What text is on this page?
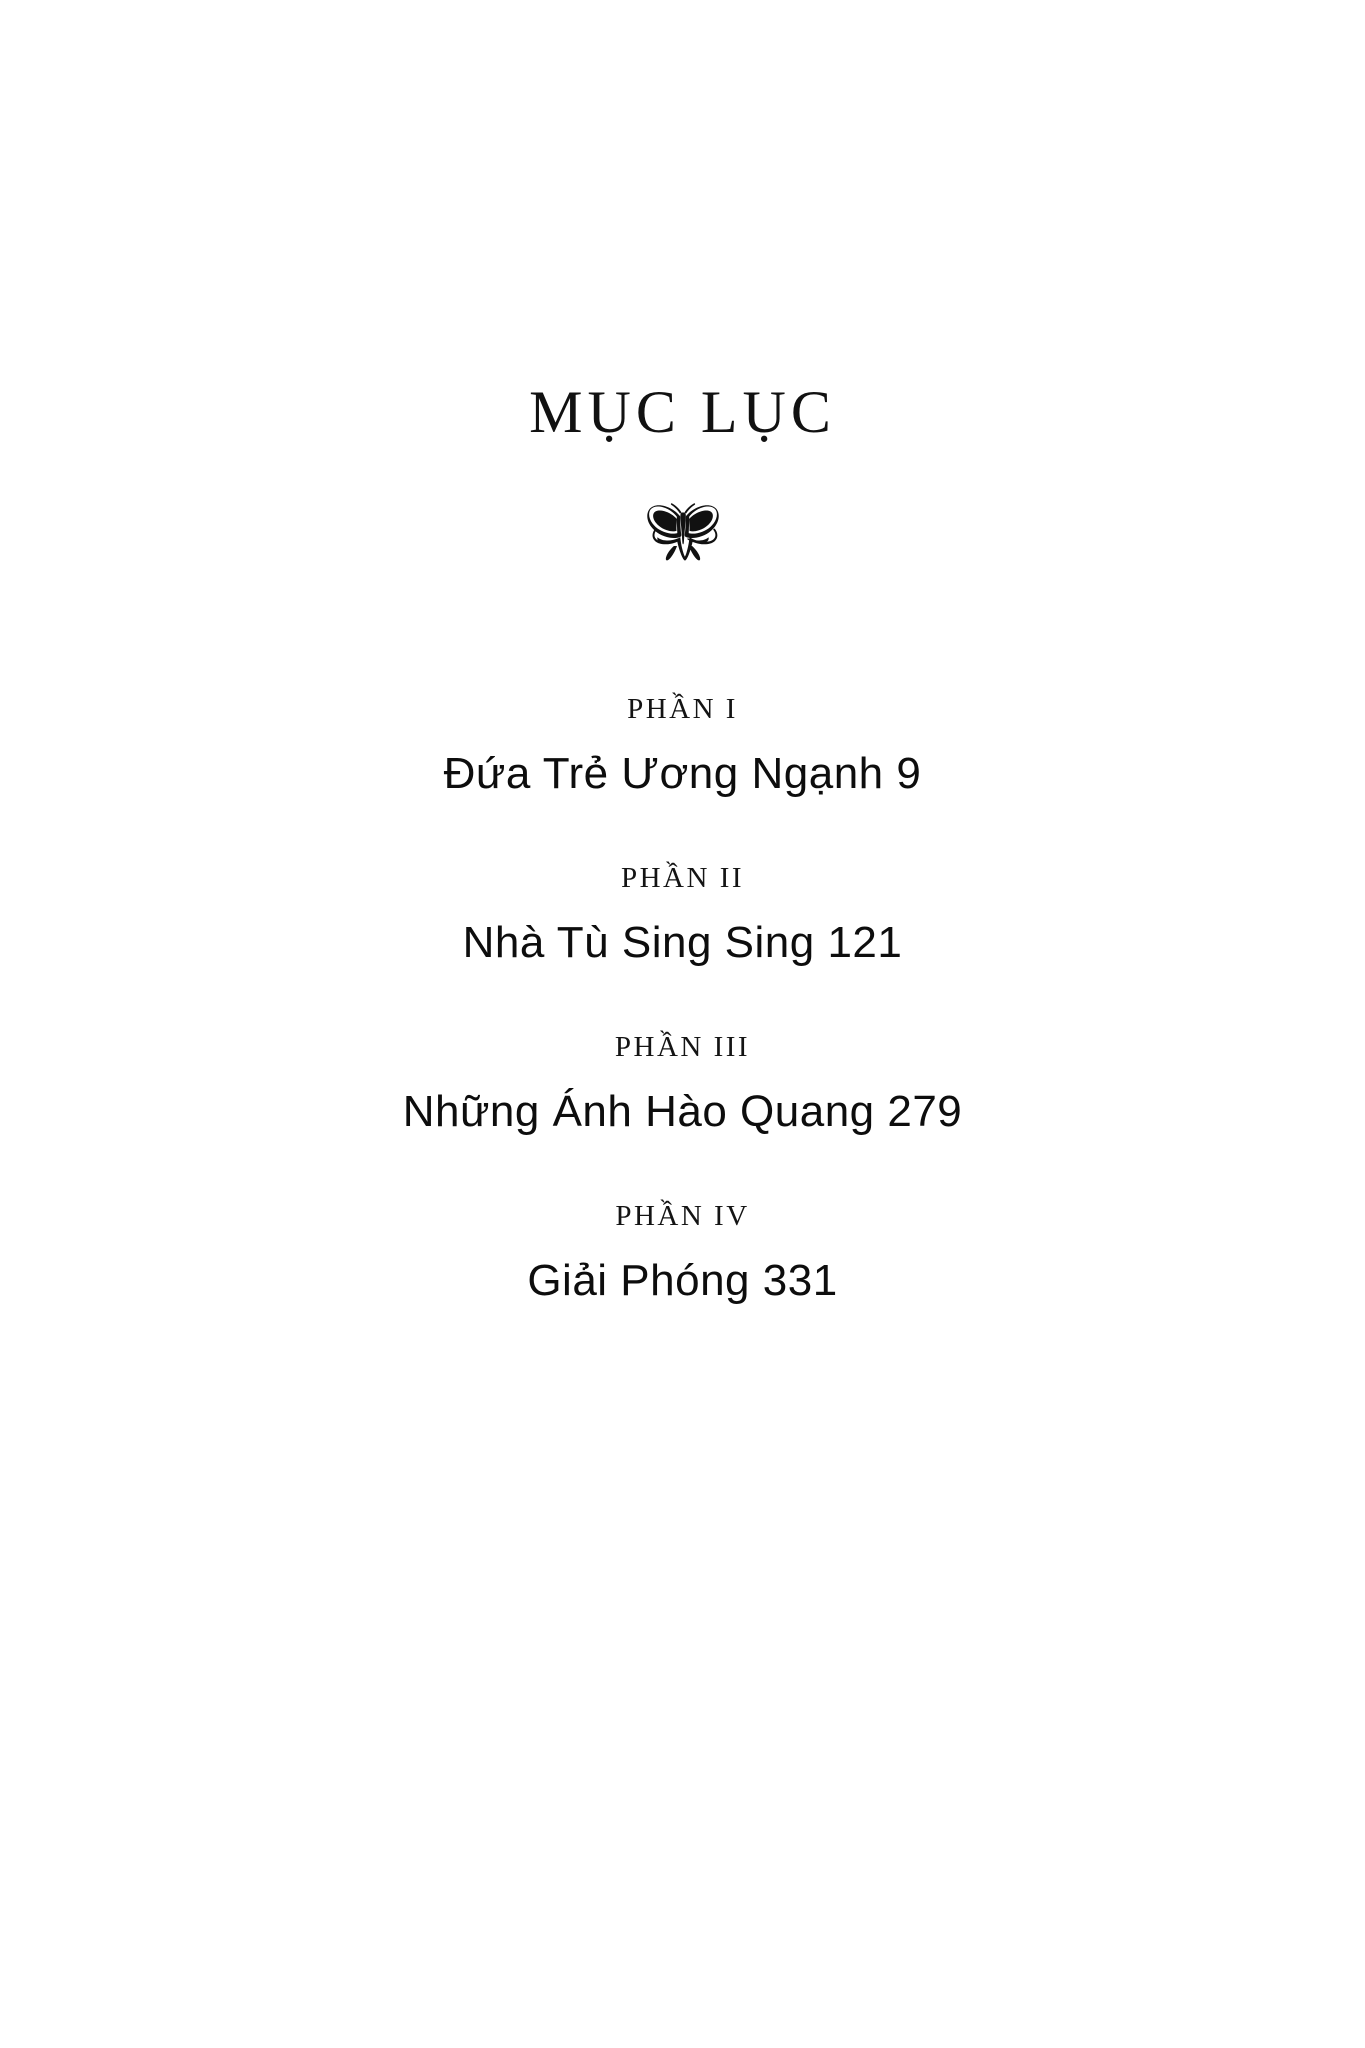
MỤC LỤC
PHẦN I
Đứa Trẻ Ương Ngạnh 9
PHẦN II
Nhà Tù Sing Sing 121
PHẦN III
Những Ánh Hào Quang 279
PHẦN IV
Giải Phóng 331
